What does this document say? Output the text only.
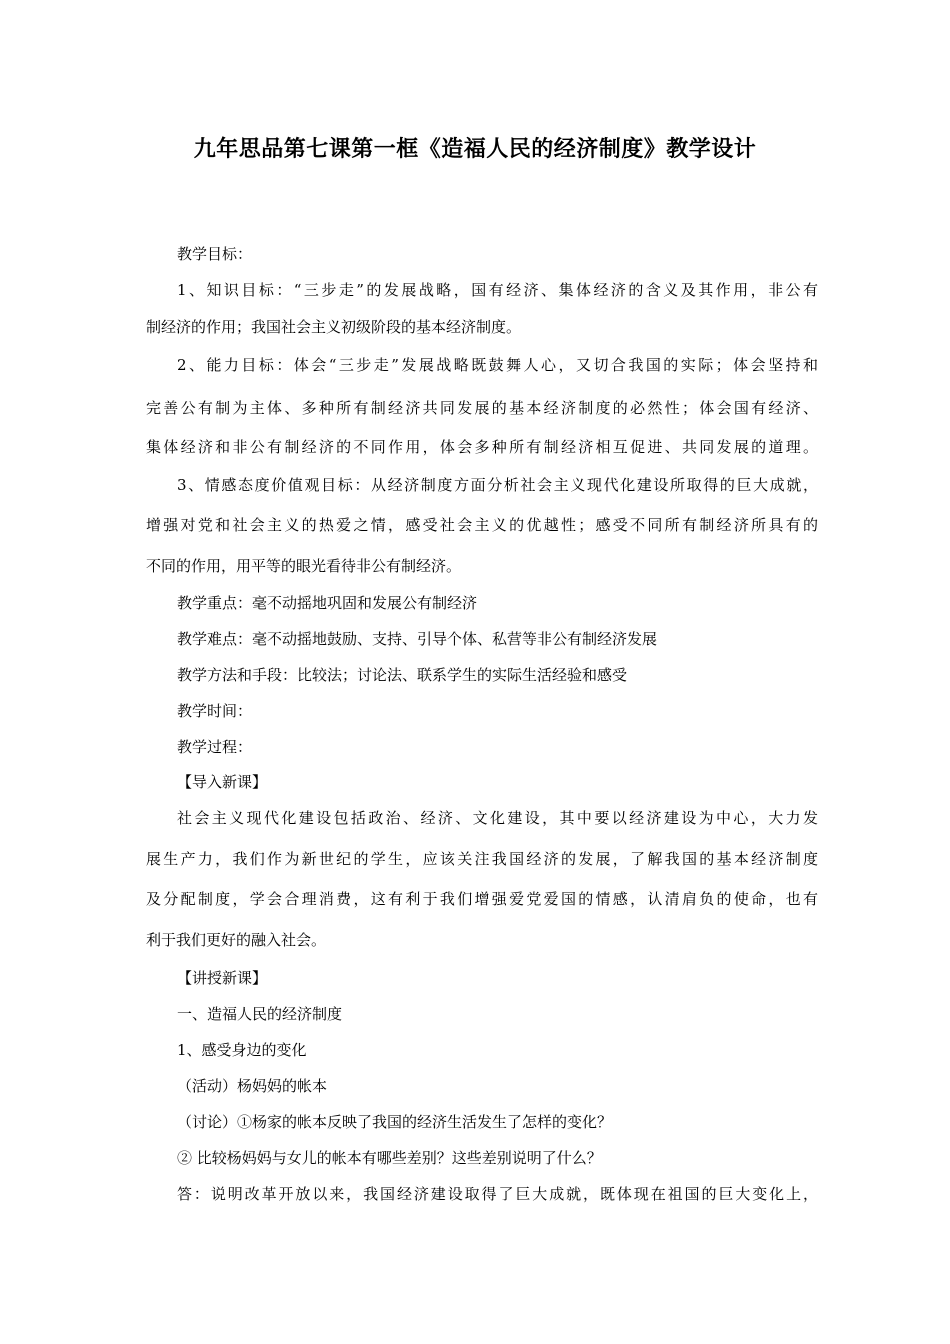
九年思品第七课第一框《造福人民的经济制度》教学设计
教学目标：
1、知识目标：“三步走”的发展战略，国有经济、集体经济的含义及其作用，非公有
制经济的作用；我国社会主义初级阶段的基本经济制度。
2、能力目标：体会“三步走”发展战略既鼓舞人心，又切合我国的实际；体会坚持和
完善公有制为主体、多种所有制经济共同发展的基本经济制度的必然性；体会国有经济、
集体经济和非公有制经济的不同作用，体会多种所有制经济相互促进、共同发展的道理。
3、情感态度价值观目标：从经济制度方面分析社会主义现代化建设所取得的巨大成就，
增强对党和社会主义的热爱之情，感受社会主义的优越性；感受不同所有制经济所具有的
不同的作用，用平等的眼光看待非公有制经济。
教学重点：毫不动摇地巩固和发展公有制经济
教学难点：毫不动摇地鼓励、支持、引导个体、私营等非公有制经济发展
教学方法和手段：比较法；讨论法、联系学生的实际生活经验和感受
教学时间：
教学过程：
【导入新课】
社会主义现代化建设包括政治、经济、文化建设，其中要以经济建设为中心，大力发
展生产力，我们作为新世纪的学生，应该关注我国经济的发展，了解我国的基本经济制度
及分配制度，学会合理消费，这有利于我们增强爱党爱国的情感，认清肩负的使命，也有
利于我们更好的融入社会。
【讲授新课】
一、造福人民的经济制度
1、感受身边的变化
（活动）杨妈妈的帐本
（讨论）①杨家的帐本反映了我国的经济生活发生了怎样的变化？
② 比较杨妈妈与女儿的帐本有哪些差别？这些差别说明了什么？
答：说明改革开放以来，我国经济建设取得了巨大成就，既体现在祖国的巨大变化上，
